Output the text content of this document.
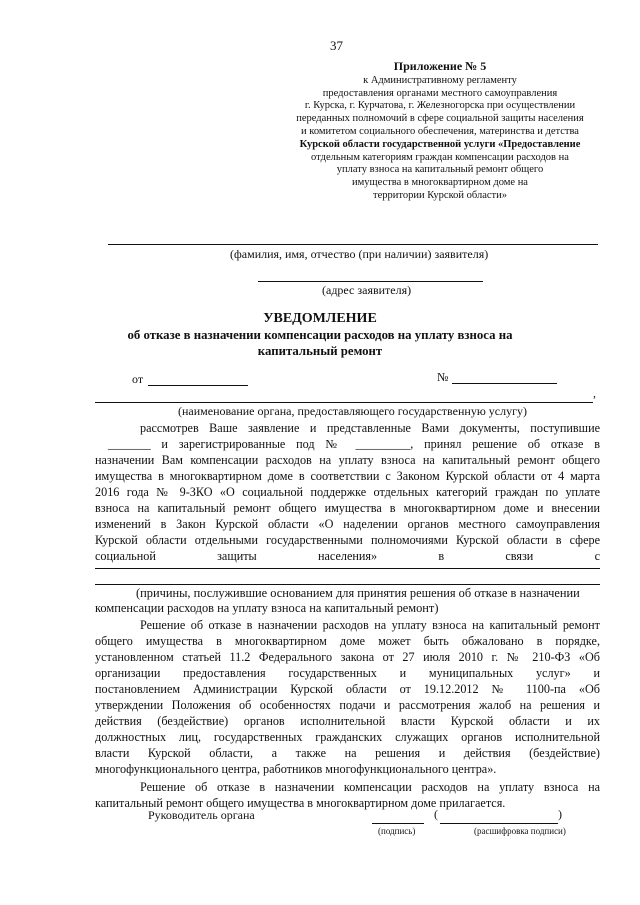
37
Приложение № 5
к Административному регламенту
предоставления органами местного самоуправления
г. Курска, г. Курчатова, г. Железногорска при осуществлении
переданных полномочий в сфере социальной защиты населения
и комитетом социального обеспечения, материнства и детства
Курской области государственной услуги «Предоставление
отдельным категориям граждан компенсации расходов на
уплату взноса на капитальный ремонт общего
имущества в многоквартирном доме на
территории Курской области»
(фамилия, имя, отчество (при наличии) заявителя)
(адрес заявителя)
УВЕДОМЛЕНИЕ
об отказе в назначении компенсации расходов на уплату взноса на
капитальный ремонт
от	№
,
(наименование органа, предоставляющего государственную услугу)
рассмотрев Ваше заявление и представленные Вами документы, поступившие
_______ и зарегистрированные под № _________, принял решение об отказе в
назначении Вам компенсации расходов на уплату взноса на капитальный ремонт общего
имущества в многоквартирном доме в соответствии с Законом Курской области от 4 марта
2016 года № 9-ЗКО «О социальной поддержке отдельных категорий граждан по уплате
взноса на капитальный ремонт общего имущества в многоквартирном доме и внесении
изменений в Закон Курской области «О наделении органов местного самоуправления
Курской области отдельными государственными полномочиями Курской области в сфере
социальной защиты населения» в связи с
(причины, послужившие основанием для принятия решения об отказе в назначении
компенсации расходов на уплату взноса на капитальный ремонт)
Решение об отказе в назначении расходов на уплату взноса на капитальный ремонт
общего имущества в многоквартирном доме может быть обжаловано в порядке,
установленном статьей 11.2 Федерального закона от 27 июля 2010 г. № 210-ФЗ «Об
организации предоставления государственных и муниципальных услуг» и
постановлением Администрации Курской области от 19.12.2012 № 1100-па «Об
утверждении Положения об особенностях подачи и рассмотрения жалоб на решения и
действия (бездействие) органов исполнительной власти Курской области и их
должностных лиц, государственных гражданских служащих органов исполнительной
власти Курской области, а также на решения и действия (бездействие)
многофункционального центра, работников многофункционального центра».
Решение об отказе в назначении компенсации расходов на уплату взноса на
капитальный ремонт общего имущества в многоквартирном доме прилагается.
Руководитель органа	(	)
(подпись)	(расшифровка подписи)
